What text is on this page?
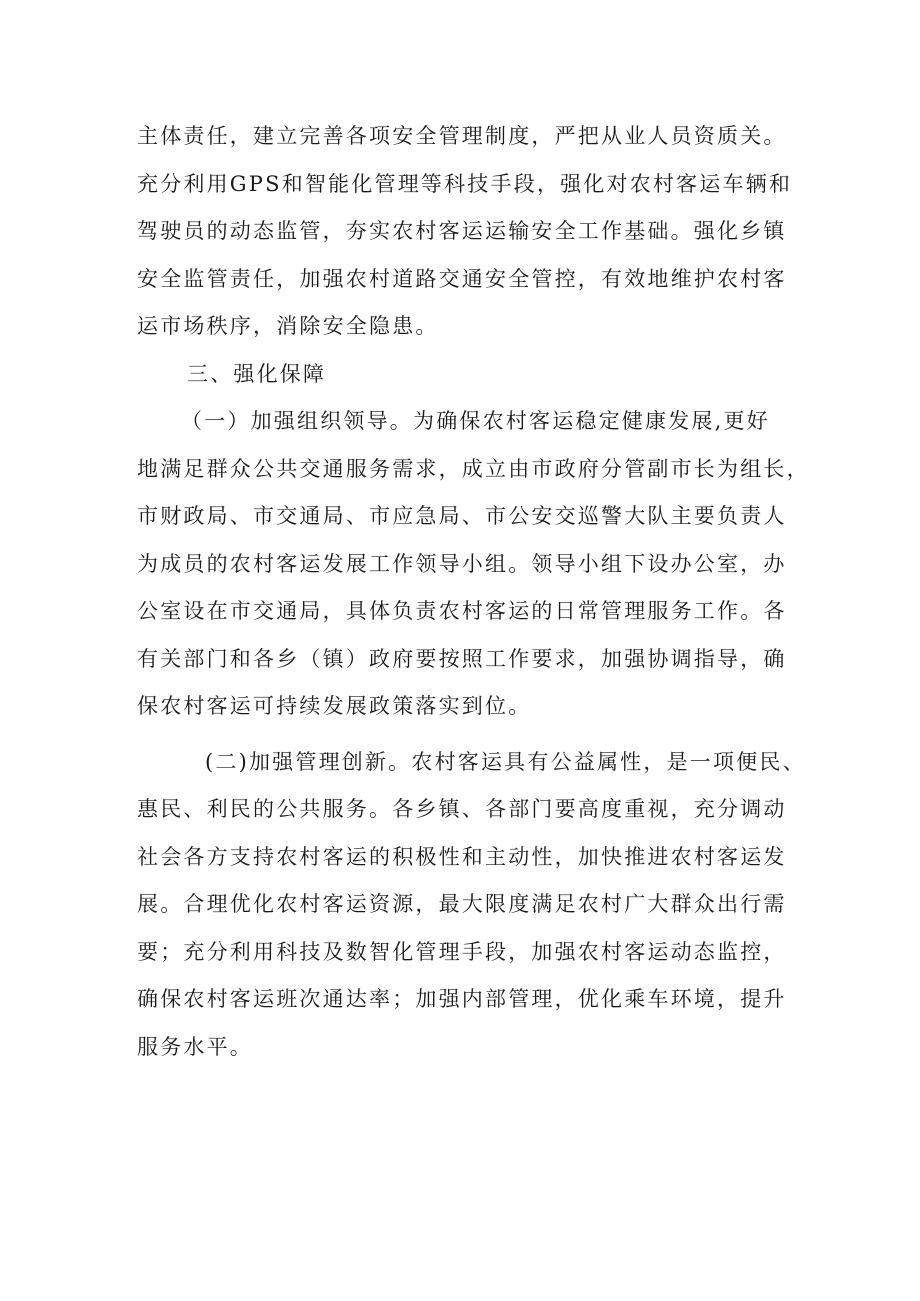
主体责任，建立完善各项安全管理制度，严把从业人员资质关。
充分利用GPS和智能化管理等科技手段，强化对农村客运车辆和
驾驶员的动态监管，夯实农村客运运输安全工作基础。强化乡镇
安全监管责任，加强农村道路交通安全管控，有效地维护农村客
运市场秩序，消除安全隐患。

三、强化保障

（一）加强组织领导。为确保农村客运稳定健康发展,更好
地满足群众公共交通服务需求，成立由市政府分管副市长为组长，
市财政局、市交通局、市应急局、市公安交巡警大队主要负责人
为成员的农村客运发展工作领导小组。领导小组下设办公室，办
公室设在市交通局，具体负责农村客运的日常管理服务工作。各
有关部门和各乡（镇）政府要按照工作要求，加强协调指导，确
保农村客运可持续发展政策落实到位。

(二)加强管理创新。农村客运具有公益属性，是一项便民、
惠民、利民的公共服务。各乡镇、各部门要高度重视，充分调动
社会各方支持农村客运的积极性和主动性，加快推进农村客运发
展。合理优化农村客运资源，最大限度满足农村广大群众出行需
要；充分利用科技及数智化管理手段，加强农村客运动态监控，
确保农村客运班次通达率；加强内部管理，优化乘车环境，提升
服务水平。
